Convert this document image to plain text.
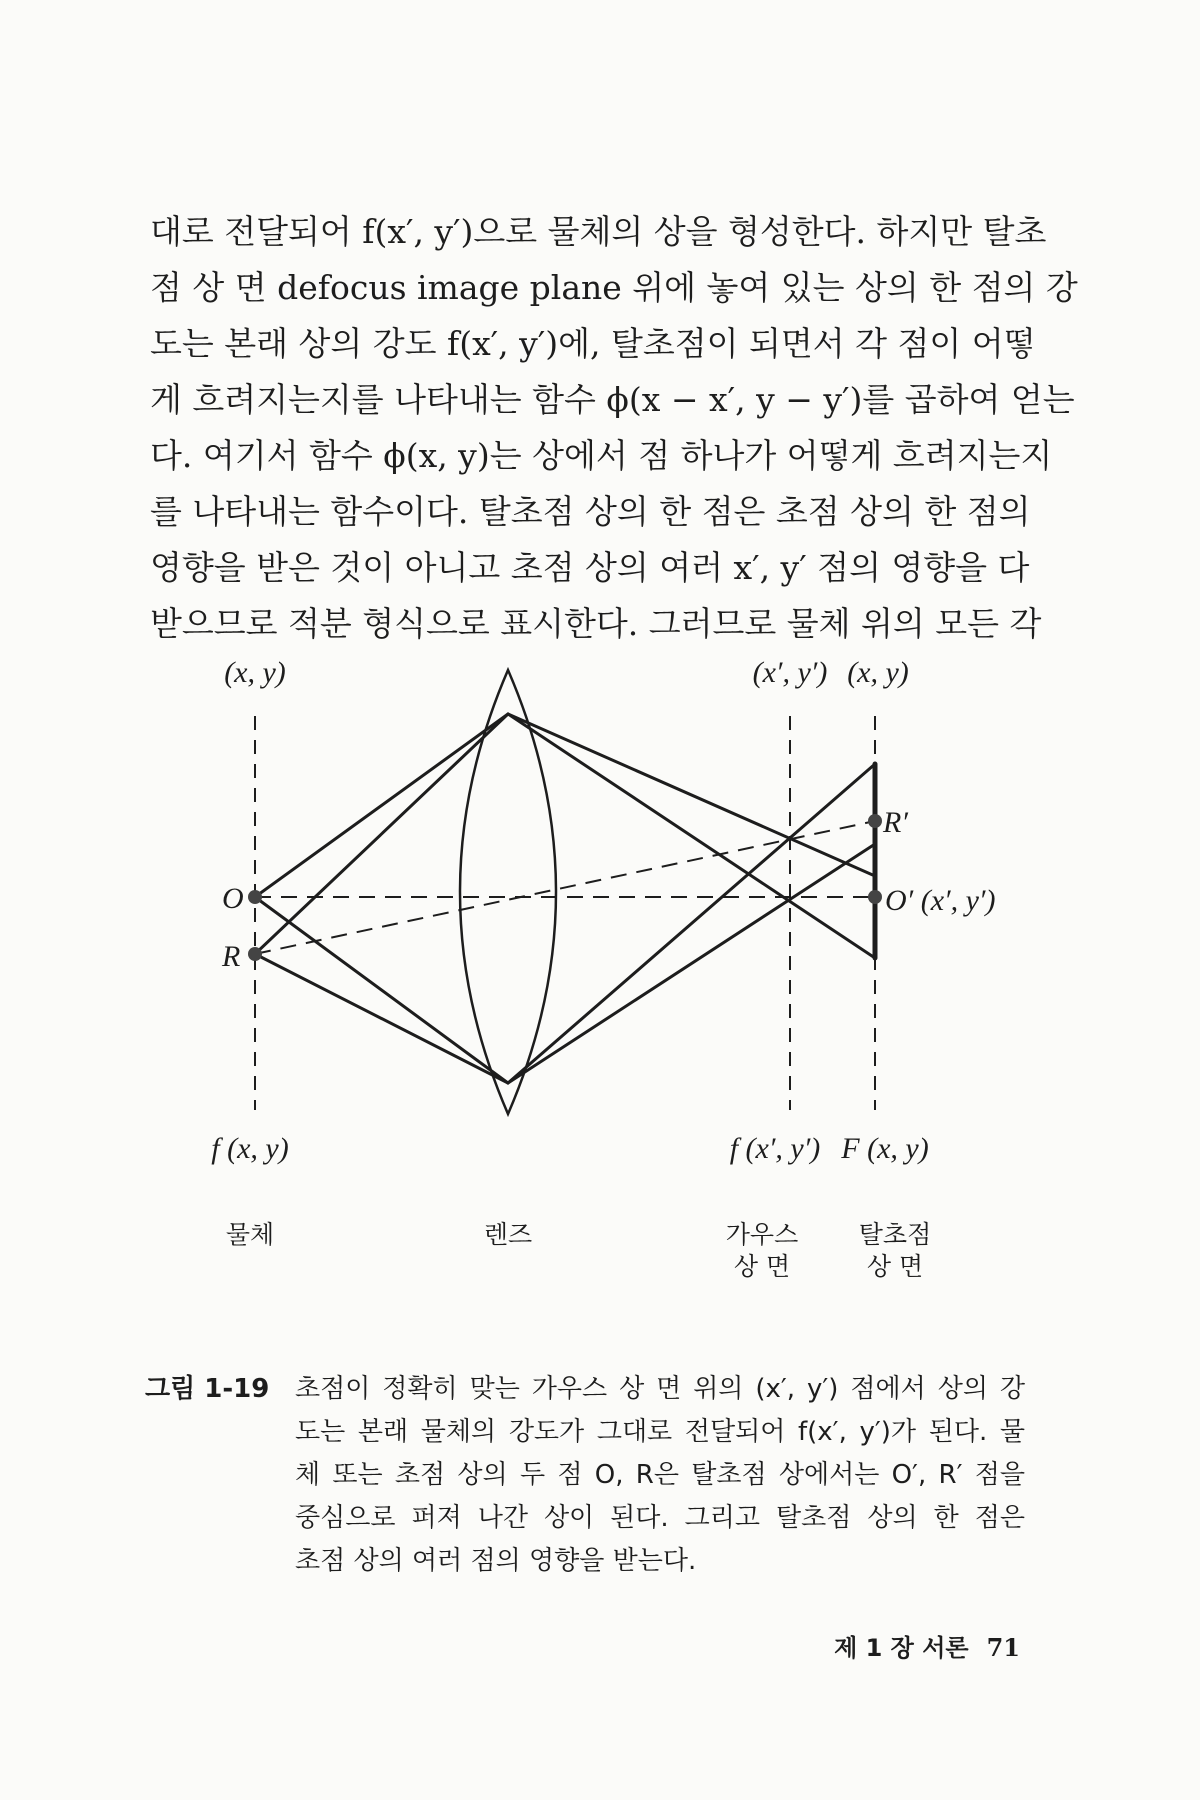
대로 전달되어 f(x′, y′)으로 물체의 상을 형성한다. 하지만 탈초
점 상 면 defocus image plane 위에 놓여 있는 상의 한 점의 강
도는 본래 상의 강도 f(x′, y′)에, 탈초점이 되면서 각 점이 어떻
게 흐려지는지를 나타내는 함수 ϕ(x − x′, y − y′)를 곱하여 얻는
다. 여기서 함수 ϕ(x, y)는 상에서 점 하나가 어떻게 흐려지는지
를 나타내는 함수이다. 탈초점 상의 한 점은 초점 상의 한 점의
영향을 받은 것이 아니고 초점 상의 여러 x′, y′ 점의 영향을 다
받으므로 적분 형식으로 표시한다. 그러므로 물체 위의 모든 각
(x, y)	(x′, y′) (x, y)
O
R
R′
O′ (x′, y′)
f (x, y)	f (x′, y′) F (x, y)
물체	렌즈	가우스
상 면
탈초점
상 면
그림 1-19 초점이 정확히 맞는 가우스 상 면 위의 (x′, y′) 점에서 상의 강
도는 본래 물체의 강도가 그대로 전달되어 f(x′, y′)가 된다. 물
체 또는 초점 상의 두 점 O, R은 탈초점 상에서는 O′, R′ 점을
중심으로 퍼져 나간 상이 된다. 그리고 탈초점 상의 한 점은
초점 상의 여러 점의 영향을 받는다.
제 1 장 서론 71
